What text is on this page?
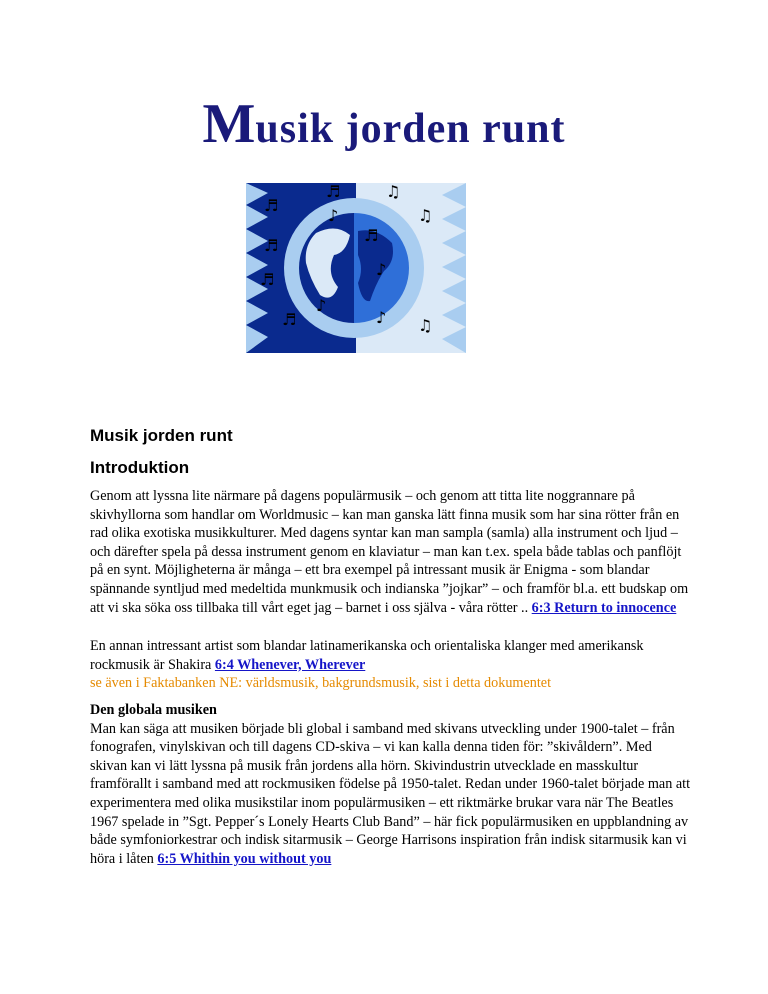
Musik jorden runt
♬	♫
♬
♪	♫
♬
♬
♪
♬
♪
♪
♬	♫
Musik jorden runt
Introduktion
Genom att lyssna lite närmare på dagens populärmusik – och genom att titta lite noggrannare på skivhyllorna som handlar om Worldmusic – kan man ganska lätt finna musik som har sina rötter från en rad olika exotiska musikkulturer. Med dagens syntar kan man sampla (samla) alla instrument och ljud – och därefter spela på dessa instrument genom en klaviatur – man kan t.ex. spela både tablas och panflöjt på en synt. Möjligheterna är många – ett bra exempel på intressant musik är Enigma - som blandar spännande syntljud med medeltida munkmusik och indianska ”jojkar” – och framför bl.a. ett budskap om att vi ska söka oss tillbaka till vårt eget jag – barnet i oss själva - våra rötter .. 6:3 Return to innocence
En annan intressant artist som blandar latinamerikanska och orientaliska klanger med amerikansk rockmusik är Shakira 6:4 Whenever, Wherever
se även i Faktabanken NE: världsmusik, bakgrundsmusik, sist i detta dokumentet
Den globala musiken
Man kan säga att musiken började bli global i samband med skivans utveckling under 1900-talet – från fonografen, vinylskivan och till dagens CD-skiva – vi kan kalla denna tiden för: ”skivåldern”. Med skivan kan vi lätt lyssna på musik från jordens alla hörn. Skivindustrin utvecklade en masskultur framförallt i samband med att rockmusiken födelse på 1950-talet. Redan under 1960-talet började man att experimentera med olika musikstilar inom populärmusiken – ett riktmärke brukar vara när The Beatles 1967 spelade in ”Sgt. Pepper´s Lonely Hearts Club Band” – här fick populärmusiken en uppblandning av både symfoniorkestrar och indisk sitarmusik – George Harrisons inspiration från indisk sitarmusik kan vi höra i låten 6:5 Whithin you without you
